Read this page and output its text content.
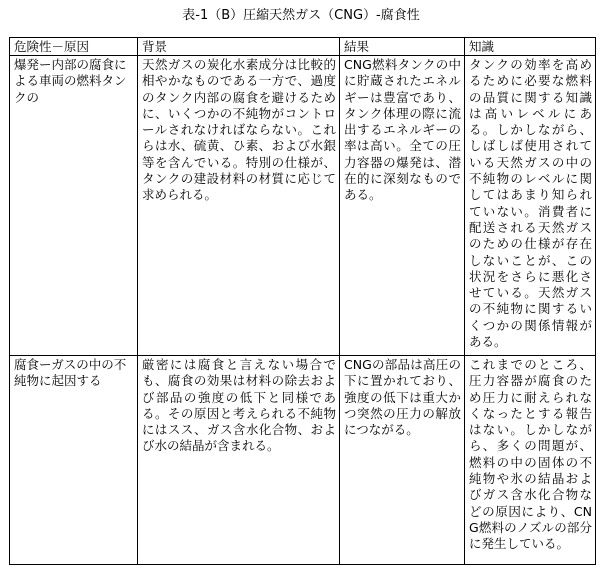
表-1（B）圧縮天然ガス（CNG）-腐食性
危険性－原因	背景	結果	知識
爆発ー内部の腐食による車両の燃料タンクの	天然ガスの炭化水素成分は比較的相やかなものである一方で、過度のタンク内部の腐食を避けるために、いくつかの不純物がコントロールされなければならない。これらは水、硫黄、ひ素、および水銀等を含んでいる。特別の仕様が、タンクの建設材料の材質に応じて求められる。	CNG燃料タンクの中に貯蔵されたエネルギーは豊富であり、タンク体理の際に流出するエネルギーの率は高い。全ての圧力容器の爆発は、潜在的に深刻なものである。	タンクの効率を高めるために必要な燃料の品質に関する知識は高いレベルにある。しかしながら、しばしば使用されている天然ガスの中の不純物のレベルに関してはあまり知られていない。消費者に配送される天然ガスのための仕様が存在しないことが、この状況をさらに悪化させている。天然ガスの不純物に関するいくつかの関係情報がある。
腐食ーガスの中の不純物に起因する	厳密には腐食と言えない場合でも、腐食の効果は材料の除去および部品の強度の低下と同様である。その原因と考えられる不純物にはスス、ガス含水化合物、および水の結晶が含まれる。	CNGの部品は高圧の下に置かれており、強度の低下は重大かつ突然の圧力の解放につながる。	これまでのところ、圧力容器が腐食のため圧力に耐えられなくなったとする報告はない。しかしながら、多くの問題が、燃料の中の固体の不純物や氷の結晶およびガス含水化合物などの原因により、CNG燃料のノズルの部分に発生している。
